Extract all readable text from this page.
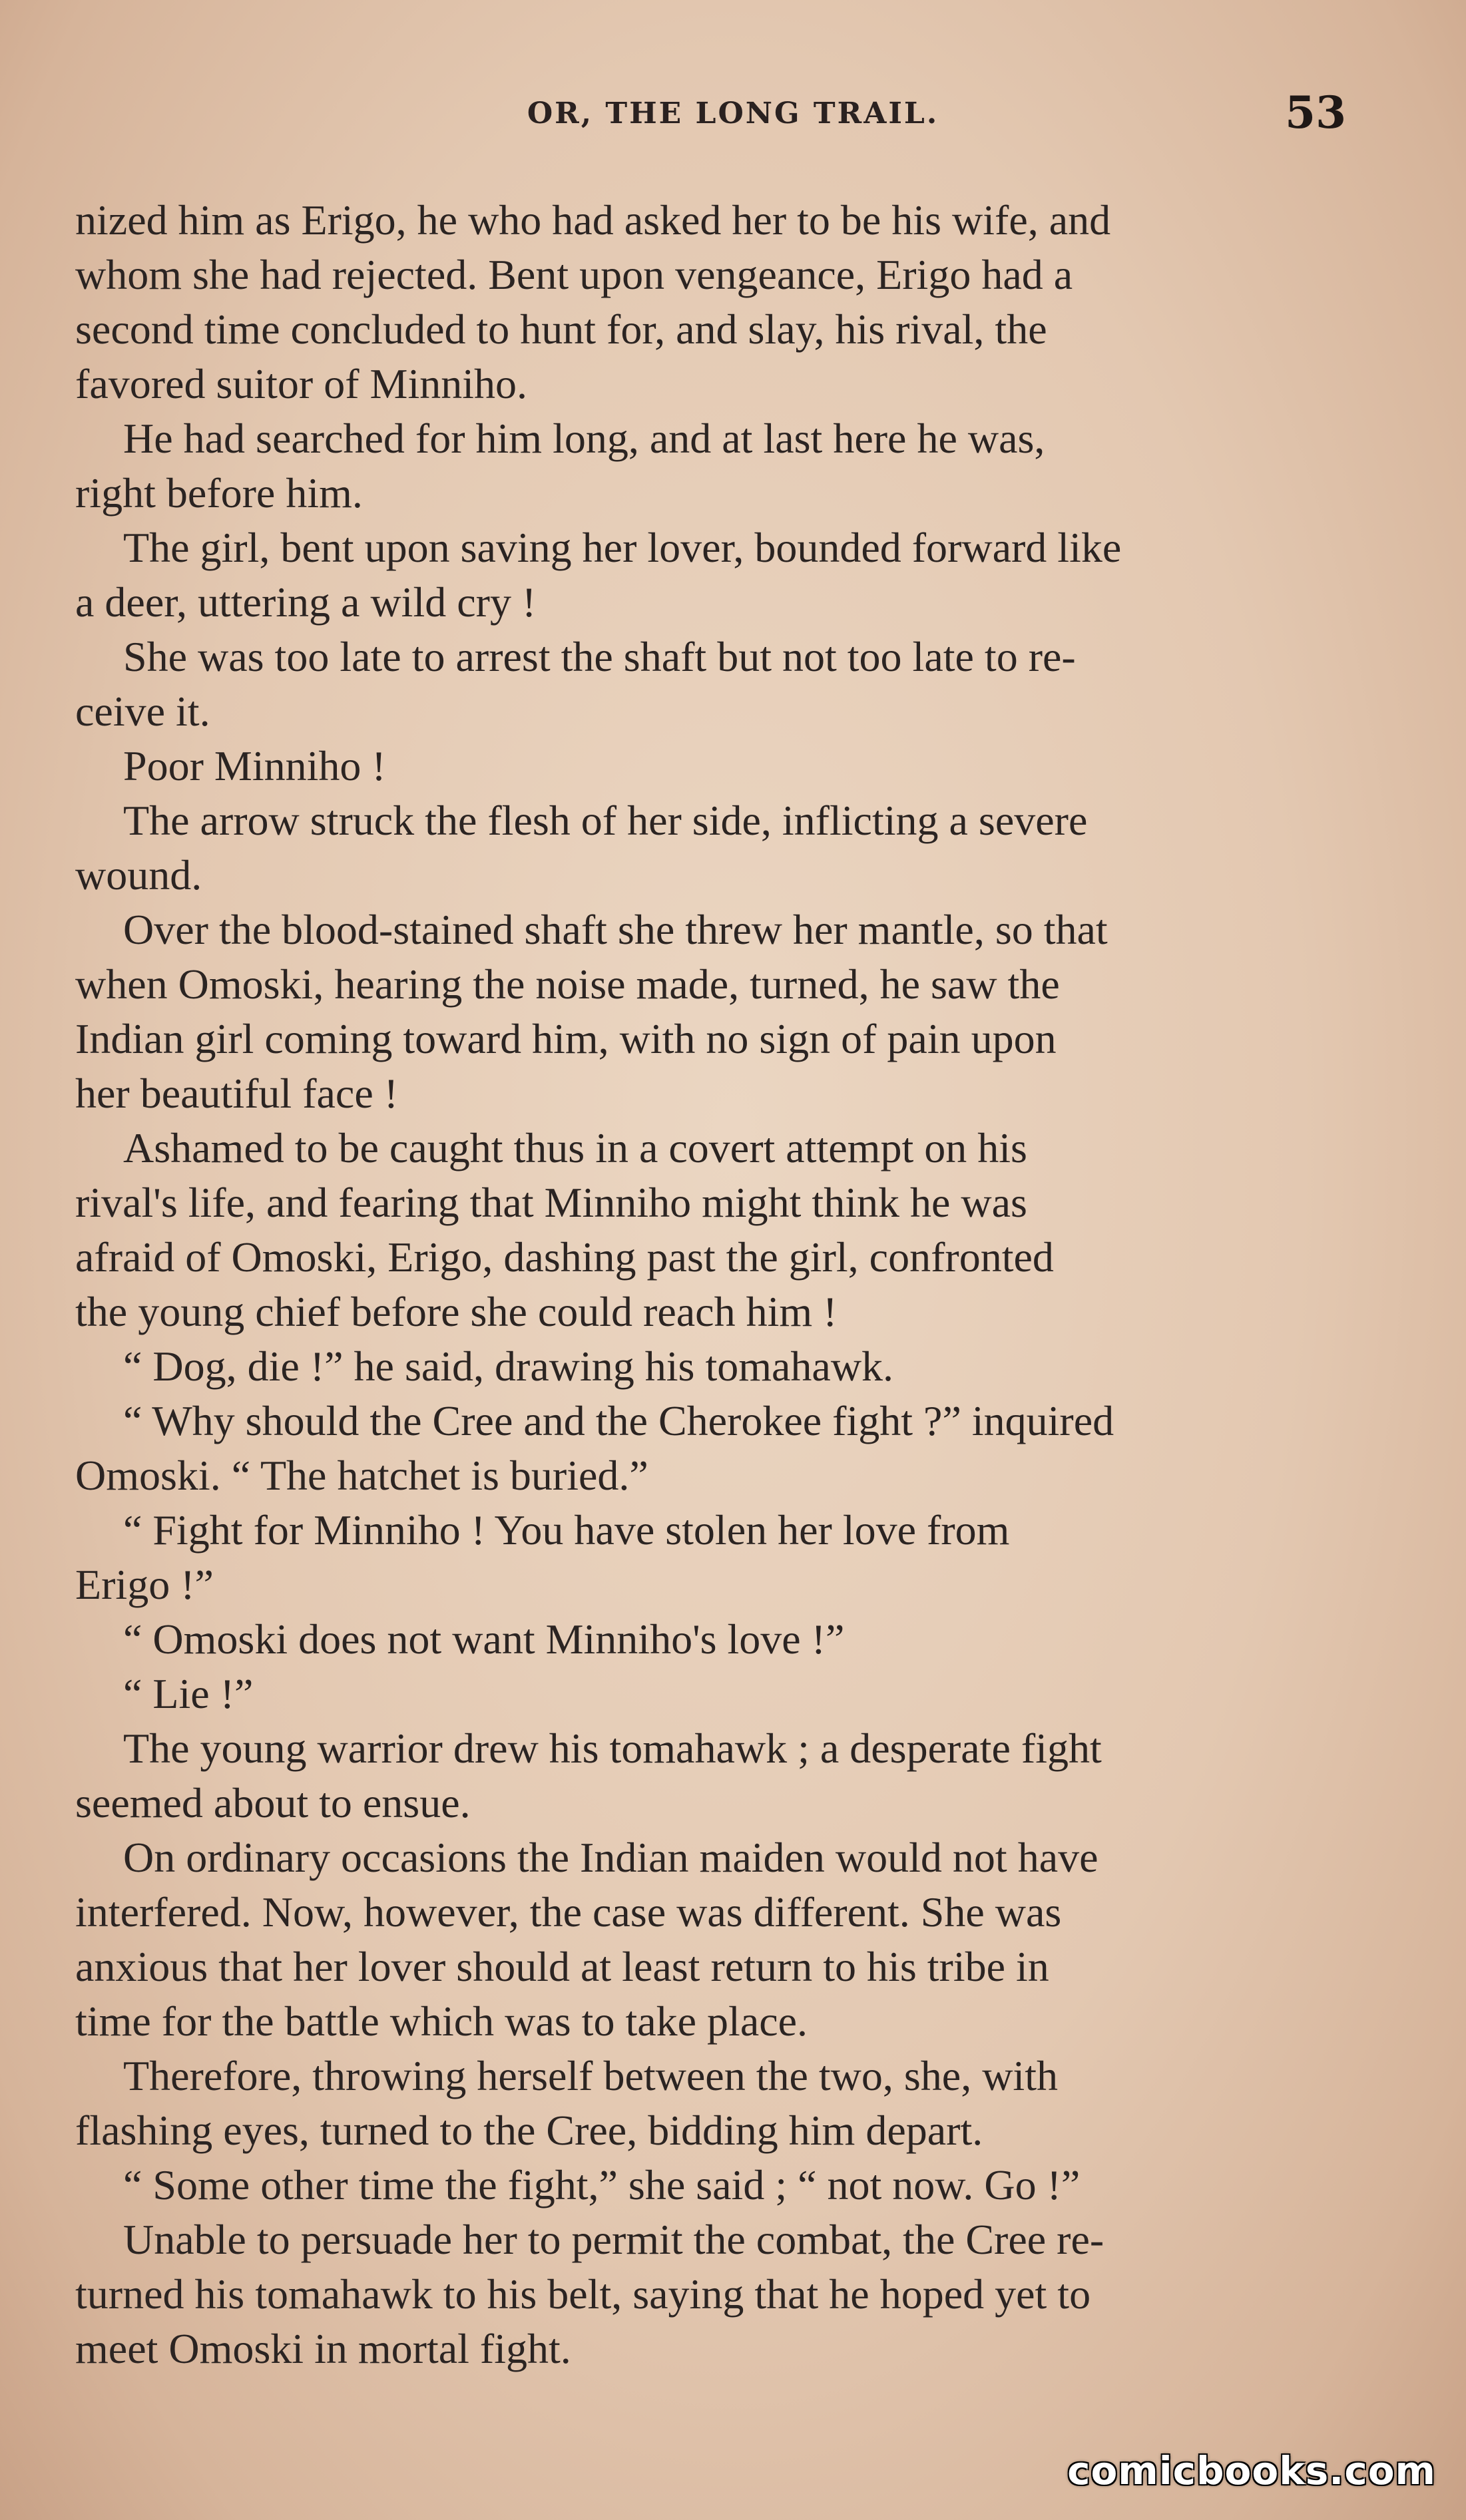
OR, THE LONG TRAIL.	53
nized him as Erigo, he who had asked her to be his wife, and
whom she had rejected. Bent upon vengeance, Erigo had a
second time concluded to hunt for, and slay, his rival, the
favored suitor of Minniho.
He had searched for him long, and at last here he was,
right before him.
The girl, bent upon saving her lover, bounded forward like
a deer, uttering a wild cry !
She was too late to arrest the shaft but not too late to re-
ceive it.
Poor Minniho !
The arrow struck the flesh of her side, inflicting a severe
wound.
Over the blood-stained shaft she threw her mantle, so that
when Omoski, hearing the noise made, turned, he saw the
Indian girl coming toward him, with no sign of pain upon
her beautiful face !
Ashamed to be caught thus in a covert attempt on his
rival's life, and fearing that Minniho might think he was
afraid of Omoski, Erigo, dashing past the girl, confronted
the young chief before she could reach him !
“ Dog, die !” he said, drawing his tomahawk.
“ Why should the Cree and the Cherokee fight ?” inquired
Omoski. “ The hatchet is buried.”
“ Fight for Minniho ! You have stolen her love from
Erigo !”
“ Omoski does not want Minniho's love !”
“ Lie !”
The young warrior drew his tomahawk ; a desperate fight
seemed about to ensue.
On ordinary occasions the Indian maiden would not have
interfered. Now, however, the case was different. She was
anxious that her lover should at least return to his tribe in
time for the battle which was to take place.
Therefore, throwing herself between the two, she, with
flashing eyes, turned to the Cree, bidding him depart.
“ Some other time the fight,” she said ; “ not now. Go !”
Unable to persuade her to permit the combat, the Cree re-
turned his tomahawk to his belt, saying that he hoped yet to
meet Omoski in mortal fight.
comicbooks.com
